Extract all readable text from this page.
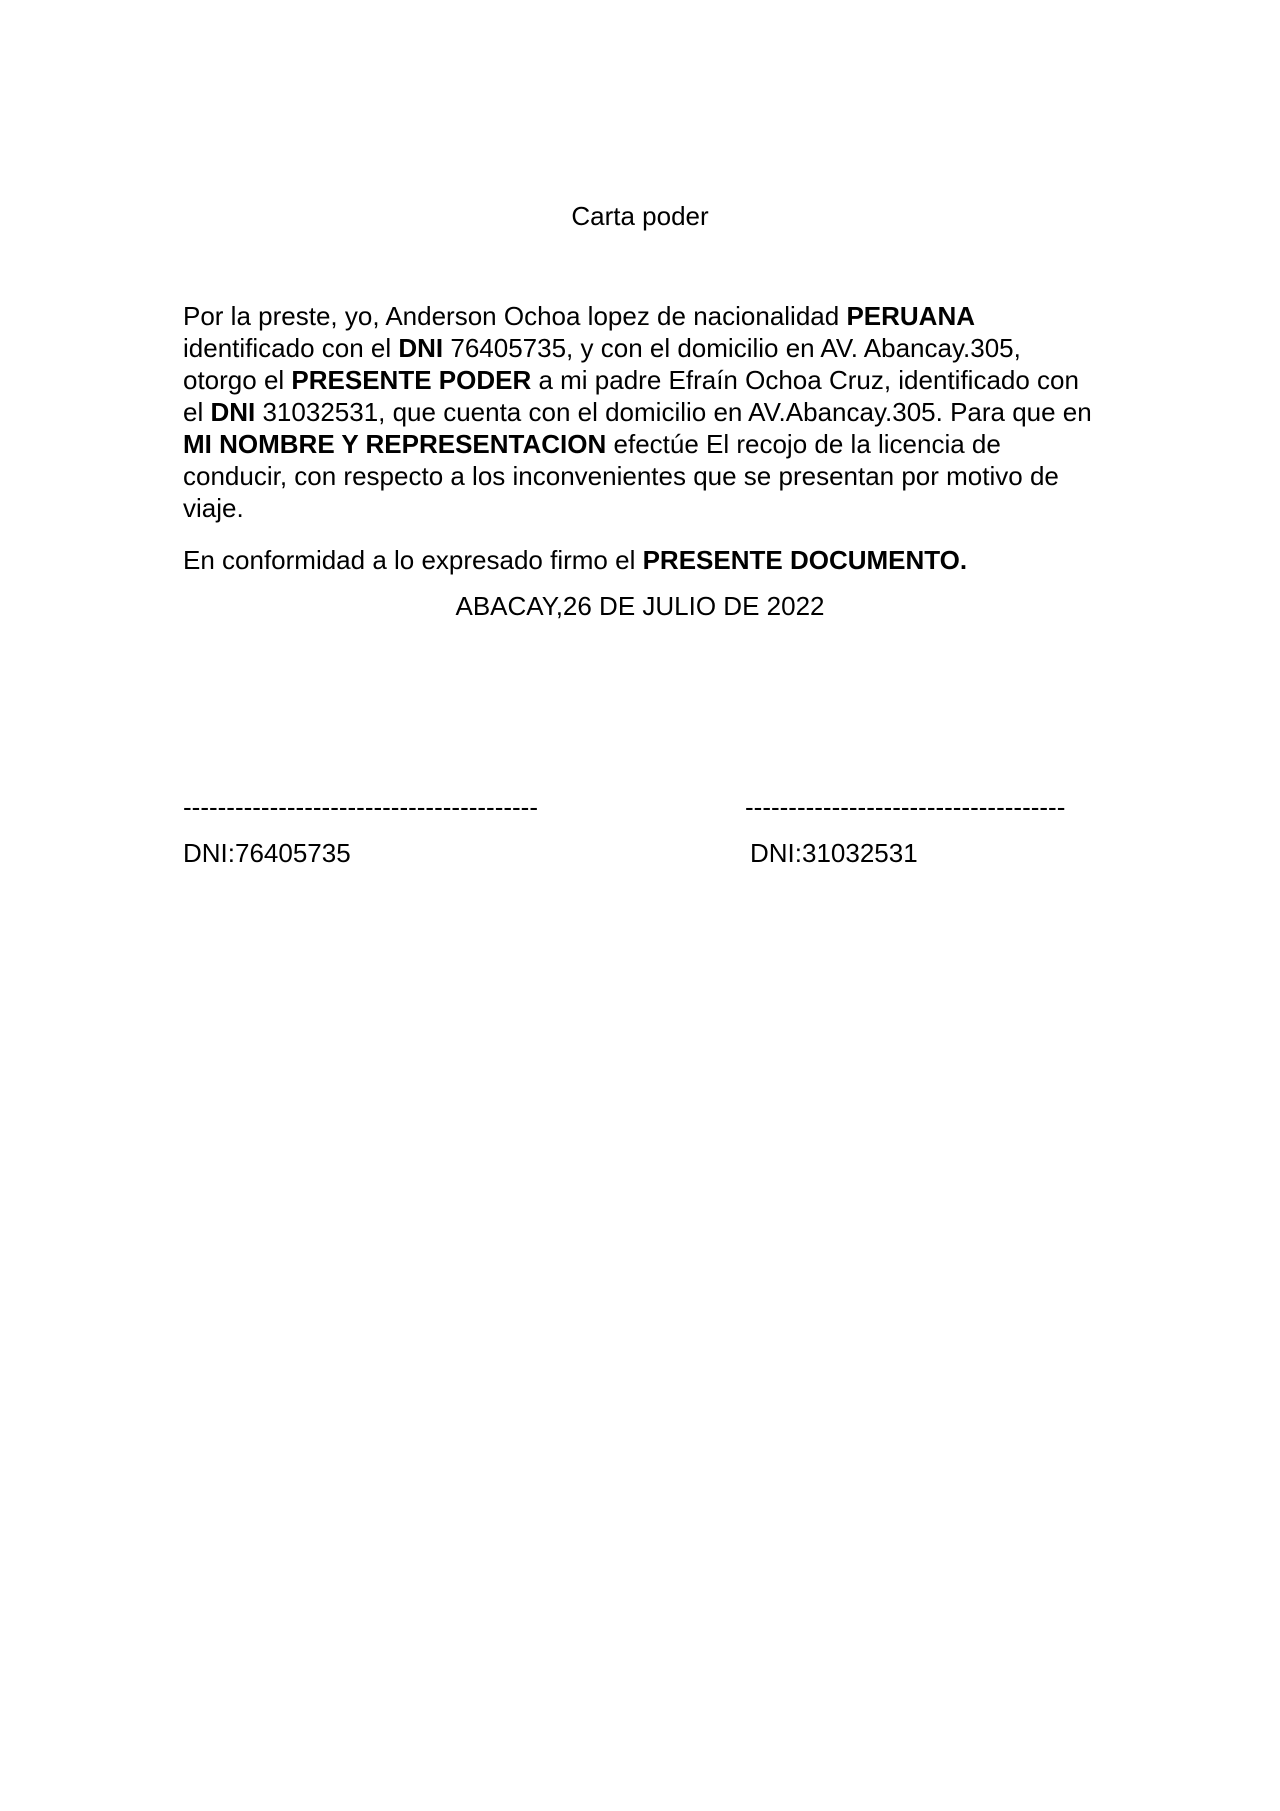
Carta poder
Por la preste, yo, Anderson Ochoa lopez de nacionalidad PERUANA
identificado con el DNI 76405735, y con el domicilio en AV. Abancay.305,
otorgo el PRESENTE PODER a mi padre Efraín Ochoa Cruz, identificado con
el DNI 31032531, que cuenta con el domicilio en AV.Abancay.305. Para que en
MI NOMBRE Y REPRESENTACION efectúe El recojo de la licencia de
conducir, con respecto a los inconvenientes que se presentan por motivo de
viaje.
En conformidad a lo expresado firmo el PRESENTE DOCUMENTO.
ABACAY,26 DE JULIO DE 2022
-----------------------------------------	-------------------------------------
DNI:76405735	DNI:31032531
